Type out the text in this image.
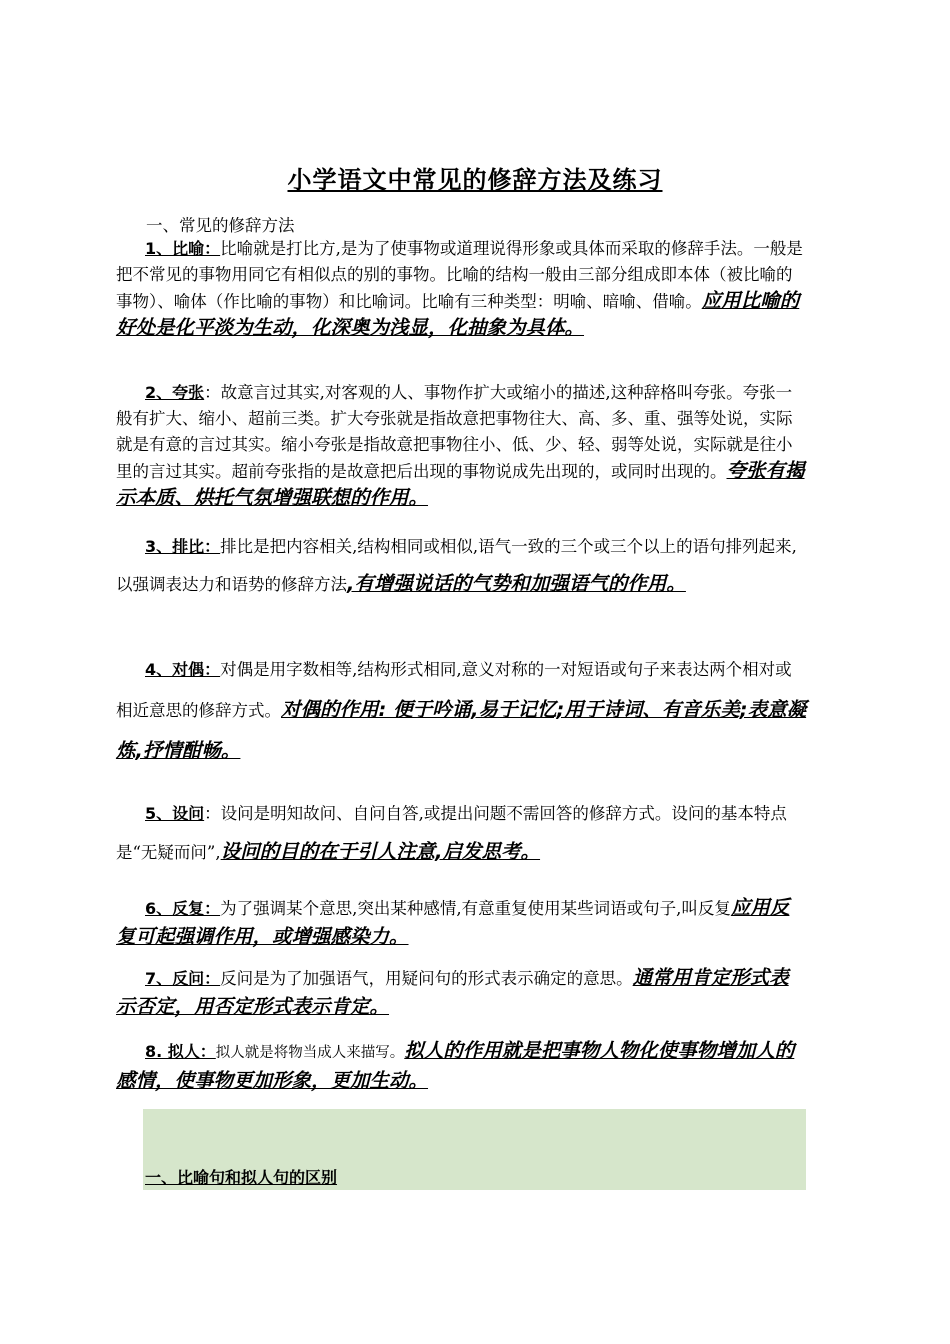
小学语文中常见的修辞方法及练习
一、常见的修辞方法
1、比喻：比喻就是打比方,是为了使事物或道理说得形象或具体而采取的修辞手法。一般是把不常见的事物用同它有相似点的别的事物。比喻的结构一般由三部分组成即本体（被比喻的事物）、喻体（作比喻的事物）和比喻词。比喻有三种类型：明喻、暗喻、借喻。应用比喻的好处是化平淡为生动，化深奥为浅显，化抽象为具体。
2、夸张：故意言过其实,对客观的人、事物作扩大或缩小的描述,这种辞格叫夸张。夸张一般有扩大、缩小、超前三类。扩大夸张就是指故意把事物往大、高、多、重、强等处说，实际就是有意的言过其实。缩小夸张是指故意把事物往小、低、少、轻、弱等处说，实际就是往小里的言过其实。超前夸张指的是故意把后出现的事物说成先出现的，或同时出现的。夸张有揭示本质、烘托气氛增强联想的作用。
3、排比：排比是把内容相关,结构相同或相似,语气一致的三个或三个以上的语句排列起来,以强调表达力和语势的修辞方法,有增强说话的气势和加强语气的作用。
4、对偶：对偶是用字数相等,结构形式相同,意义对称的一对短语或句子来表达两个相对或相近意思的修辞方式。对偶的作用: 便于吟诵,易于记忆;用于诗词、有音乐美;表意凝炼,抒情酣畅。
5、设问：设问是明知故问、自问自答,或提出问题不需回答的修辞方式。设问的基本特点是“无疑而问”,设问的目的在于引人注意,启发思考。
6、反复：为了强调某个意思,突出某种感情,有意重复使用某些词语或句子,叫反复应用反复可起强调作用，或增强感染力。
7、反问：反问是为了加强语气，用疑问句的形式表示确定的意思。通常用肯定形式表示否定，用否定形式表示肯定。
8. 拟人：拟人就是将物当成人来描写。拟人的作用就是把事物人物化使事物增加人的感情，使事物更加形象，更加生动。
一、比喻句和拟人句的区别
